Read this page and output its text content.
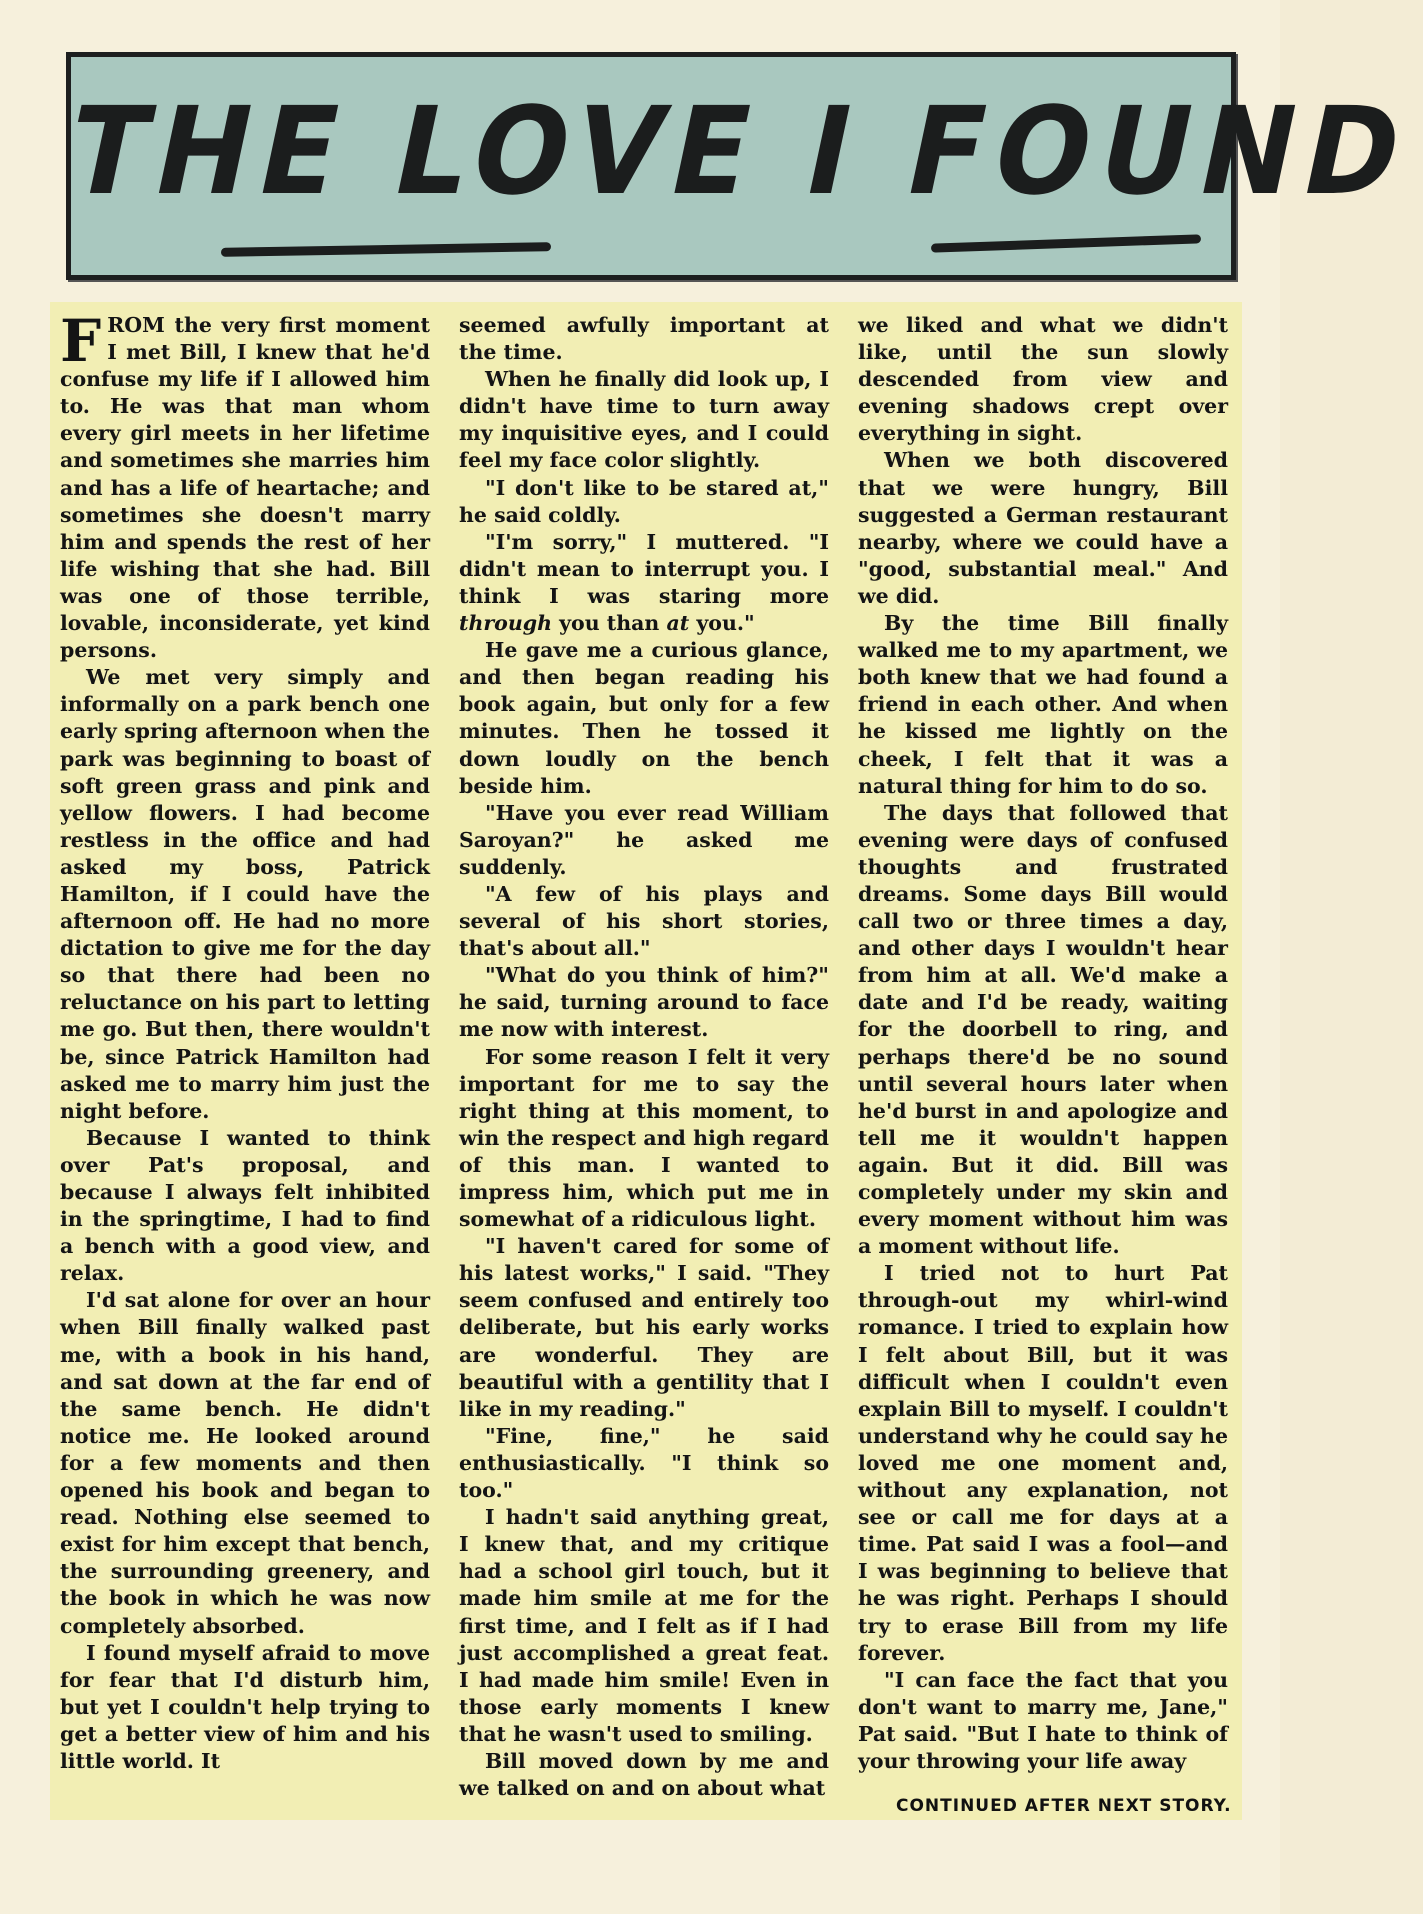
THE LOVE I FOUND

FROM the very first moment I met Bill, I knew that he'd confuse my life if I allowed him to. He was that man whom every girl meets in her lifetime and sometimes she marries him and has a life of heartache; and sometimes she doesn't marry him and spends the rest of her life wishing that she had. Bill was one of those terrible, lovable, inconsiderate, yet kind persons.

We met very simply and informally on a park bench one early spring afternoon when the park was beginning to boast of soft green grass and pink and yellow flowers. I had become restless in the office and had asked my boss, Patrick Hamilton, if I could have the afternoon off. He had no more dictation to give me for the day so that there had been no reluctance on his part to letting me go. But then, there wouldn't be, since Patrick Hamilton had asked me to marry him just the night before.

Because I wanted to think over Pat's proposal, and because I always felt inhibited in the springtime, I had to find a bench with a good view, and relax.

I'd sat alone for over an hour when Bill finally walked past me, with a book in his hand, and sat down at the far end of the same bench. He didn't notice me. He looked around for a few moments and then opened his book and began to read. Nothing else seemed to exist for him except that bench, the surrounding greenery, and the book in which he was now completely absorbed.

I found myself afraid to move for fear that I'd disturb him, but yet I couldn't help trying to get a better view of him and his little world. It

seemed awfully important at the time.

When he finally did look up, I didn't have time to turn away my inquisitive eyes, and I could feel my face color slightly.

"I don't like to be stared at," he said coldly.

"I'm sorry," I muttered. "I didn't mean to interrupt you. I think I was staring more through you than at you."

He gave me a curious glance, and then began reading his book again, but only for a few minutes. Then he tossed it down loudly on the bench beside him.

"Have you ever read William Saroyan?" he asked me suddenly.

"A few of his plays and several of his short stories, that's about all."

"What do you think of him?" he said, turning around to face me now with interest.

For some reason I felt it very important for me to say the right thing at this moment, to win the respect and high regard of this man. I wanted to impress him, which put me in somewhat of a ridiculous light.

"I haven't cared for some of his latest works," I said. "They seem confused and entirely too deliberate, but his early works are wonderful. They are beautiful with a gentility that I like in my reading."

"Fine, fine," he said enthusiastically. "I think so too."

I hadn't said anything great, I knew that, and my critique had a school girl touch, but it made him smile at me for the first time, and I felt as if I had just accomplished a great feat. I had made him smile! Even in those early moments I knew that he wasn't used to smiling.

Bill moved down by me and we talked on and on about what

we liked and what we didn't like, until the sun slowly descended from view and evening shadows crept over everything in sight.

When we both discovered that we were hungry, Bill suggested a German restaurant nearby, where we could have a "good, substantial meal." And we did.

By the time Bill finally walked me to my apartment, we both knew that we had found a friend in each other. And when he kissed me lightly on the cheek, I felt that it was a natural thing for him to do so.

The days that followed that evening were days of confused thoughts and frustrated dreams. Some days Bill would call two or three times a day, and other days I wouldn't hear from him at all. We'd make a date and I'd be ready, waiting for the doorbell to ring, and perhaps there'd be no sound until several hours later when he'd burst in and apologize and tell me it wouldn't happen again. But it did. Bill was completely under my skin and every moment without him was a moment without life.

I tried not to hurt Pat through-out my whirl-wind romance. I tried to explain how I felt about Bill, but it was difficult when I couldn't even explain Bill to myself. I couldn't understand why he could say he loved me one moment and, without any explanation, not see or call me for days at a time. Pat said I was a fool—and I was beginning to believe that he was right. Perhaps I should try to erase Bill from my life forever.

"I can face the fact that you don't want to marry me, Jane," Pat said. "But I hate to think of your throwing your life away

CONTINUED AFTER NEXT STORY.
